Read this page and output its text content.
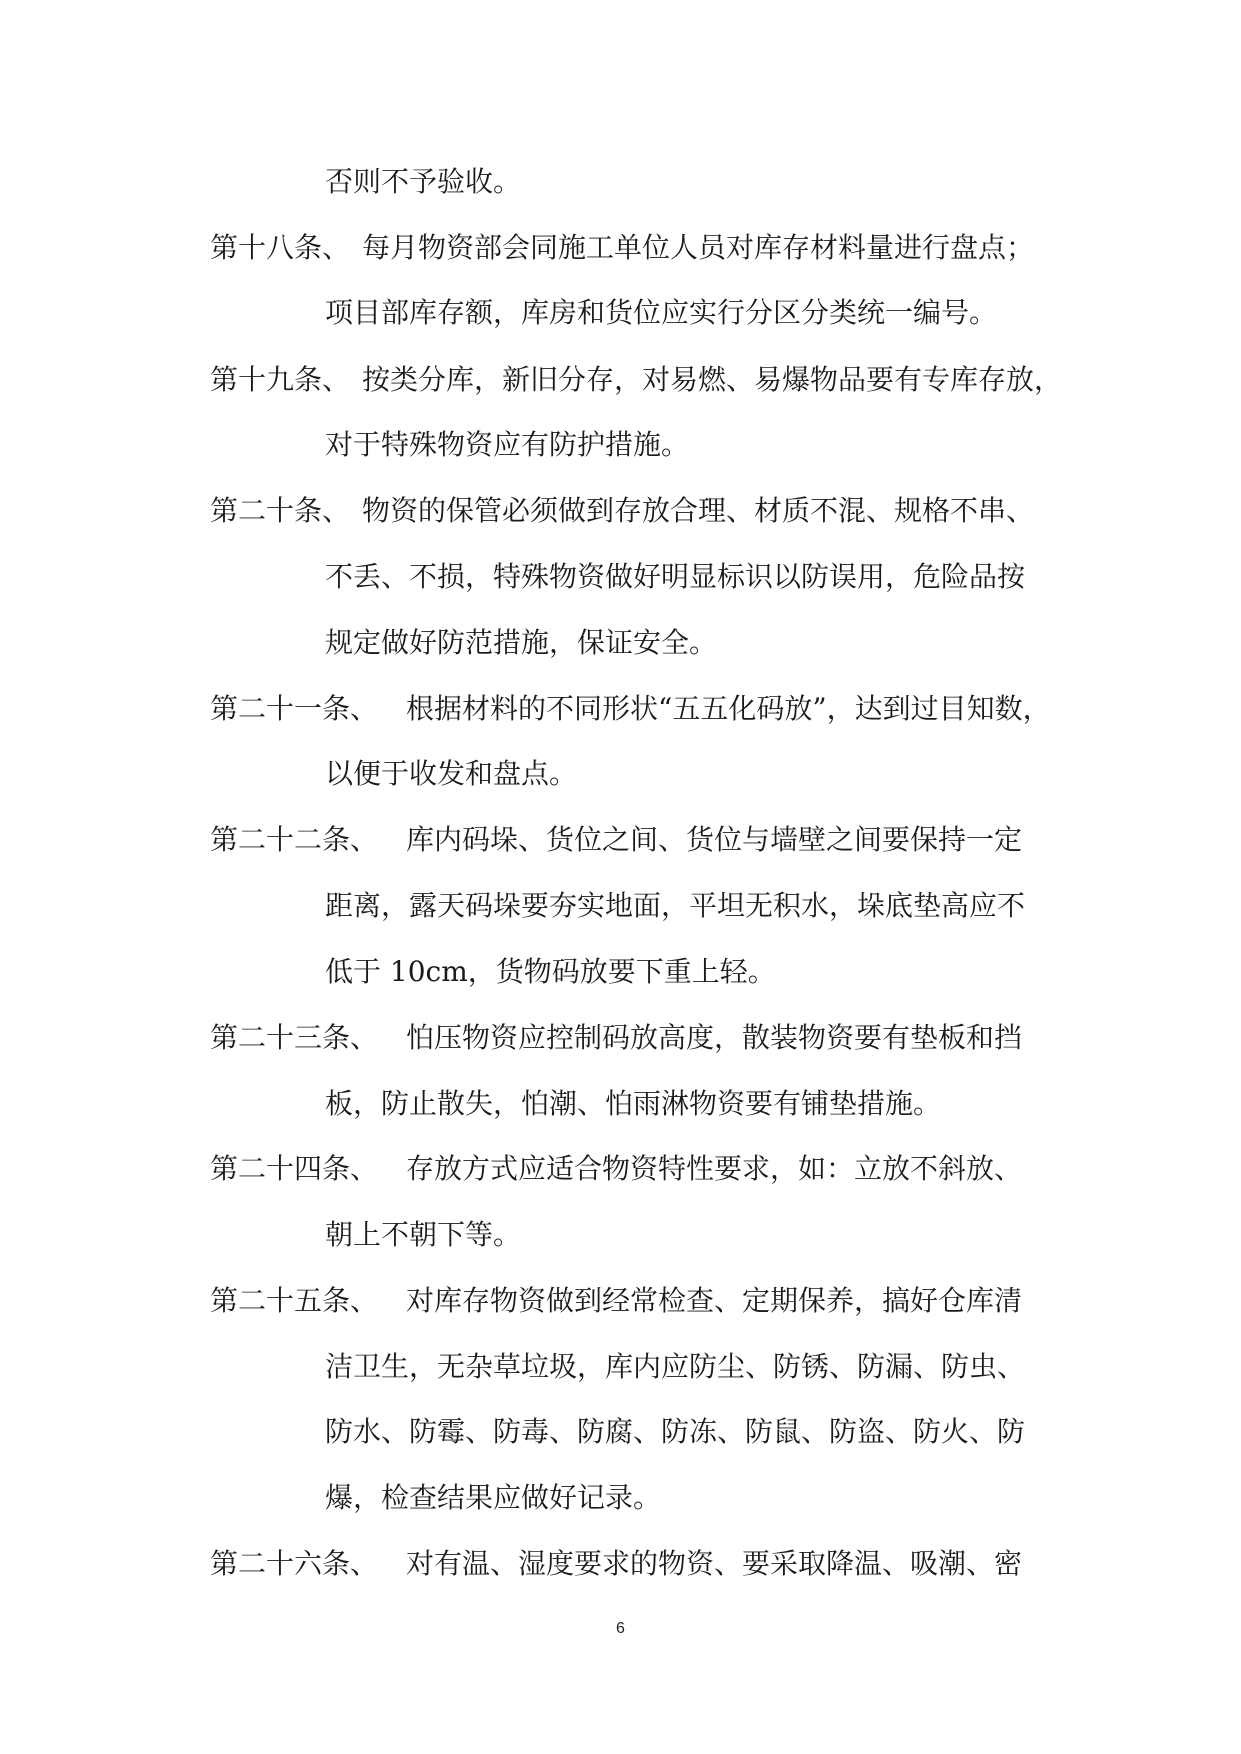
否则不予验收。
第十八条、 每月物资部会同施工单位人员对库存材料量进行盘点；
项目部库存额，库房和货位应实行分区分类统一编号。
第十九条、 按类分库，新旧分存，对易燃、易爆物品要有专库存放，
对于特殊物资应有防护措施。
第二十条、 物资的保管必须做到存放合理、材质不混、规格不串、
不丢、不损，特殊物资做好明显标识以防误用，危险品按
规定做好防范措施，保证安全。
第二十一条、 根据材料的不同形状“五五化码放”，达到过目知数，
以便于收发和盘点。
第二十二条、 库内码垛、货位之间、货位与墙壁之间要保持一定
距离，露天码垛要夯实地面，平坦无积水，垛底垫高应不
低于 10cm，货物码放要下重上轻。
第二十三条、 怕压物资应控制码放高度，散装物资要有垫板和挡
板，防止散失，怕潮、怕雨淋物资要有铺垫措施。
第二十四条、 存放方式应适合物资特性要求，如：立放不斜放、
朝上不朝下等。
第二十五条、 对库存物资做到经常检查、定期保养，搞好仓库清
洁卫生，无杂草垃圾，库内应防尘、防锈、防漏、防虫、
防水、防霉、防毒、防腐、防冻、防鼠、防盗、防火、防
爆，检查结果应做好记录。
第二十六条、 对有温、湿度要求的物资、要采取降温、吸潮、密
6
